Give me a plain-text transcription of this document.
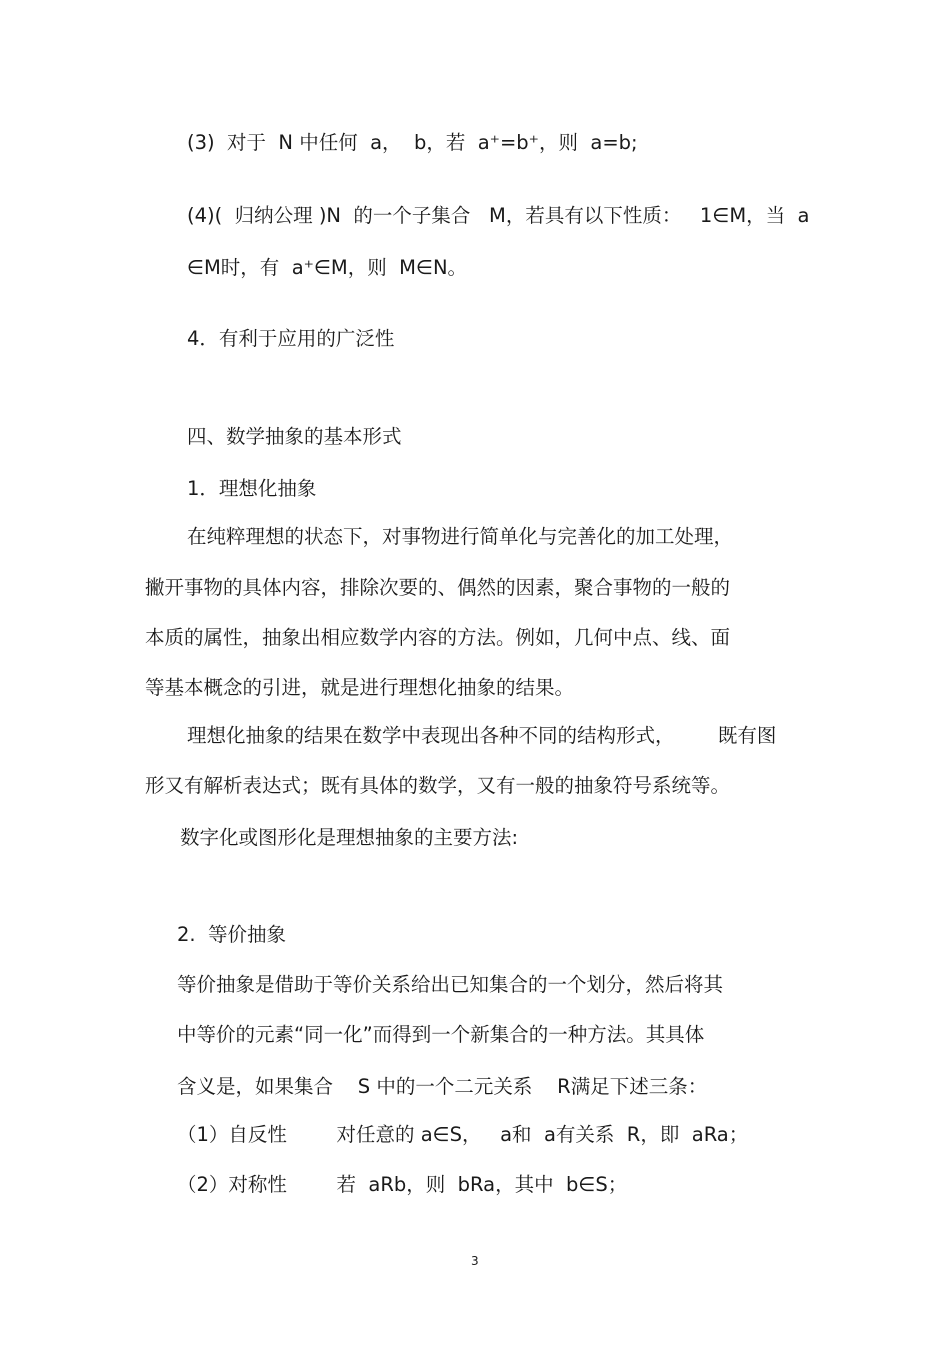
(3)  对于  N 中任何  a，  b，若  a⁺=b⁺，则  a=b;
(4)(  归纳公理 )N  的一个子集合   M，若具有以下性质：   1∈M，当  a
∈M时，有  a⁺∈M，则  M∈N。
4．有利于应用的广泛性
四、数学抽象的基本形式
1．理想化抽象
在纯粹理想的状态下，对事物进行简单化与完善化的加工处理，
撇开事物的具体内容，排除次要的、偶然的因素，聚合事物的一般的
本质的属性，抽象出相应数学内容的方法。例如，几何中点、线、面
等基本概念的引进，就是进行理想化抽象的结果。
理想化抽象的结果在数学中表现出各种不同的结构形式，       既有图
形又有解析表达式；既有具体的数学，又有一般的抽象符号系统等。
数字化或图形化是理想抽象的主要方法:
2.  等价抽象
等价抽象是借助于等价关系给出已知集合的一个划分，然后将其
中等价的元素“同一化”而得到一个新集合的一种方法。其具体
含义是，如果集合    S 中的一个二元关系    R满足下述三条：
（1）自反性        对任意的 a∈S，   a和  a有关系  R，即  aRa；
（2）对称性        若  aRb，则  bRa，其中  b∈S；
3
